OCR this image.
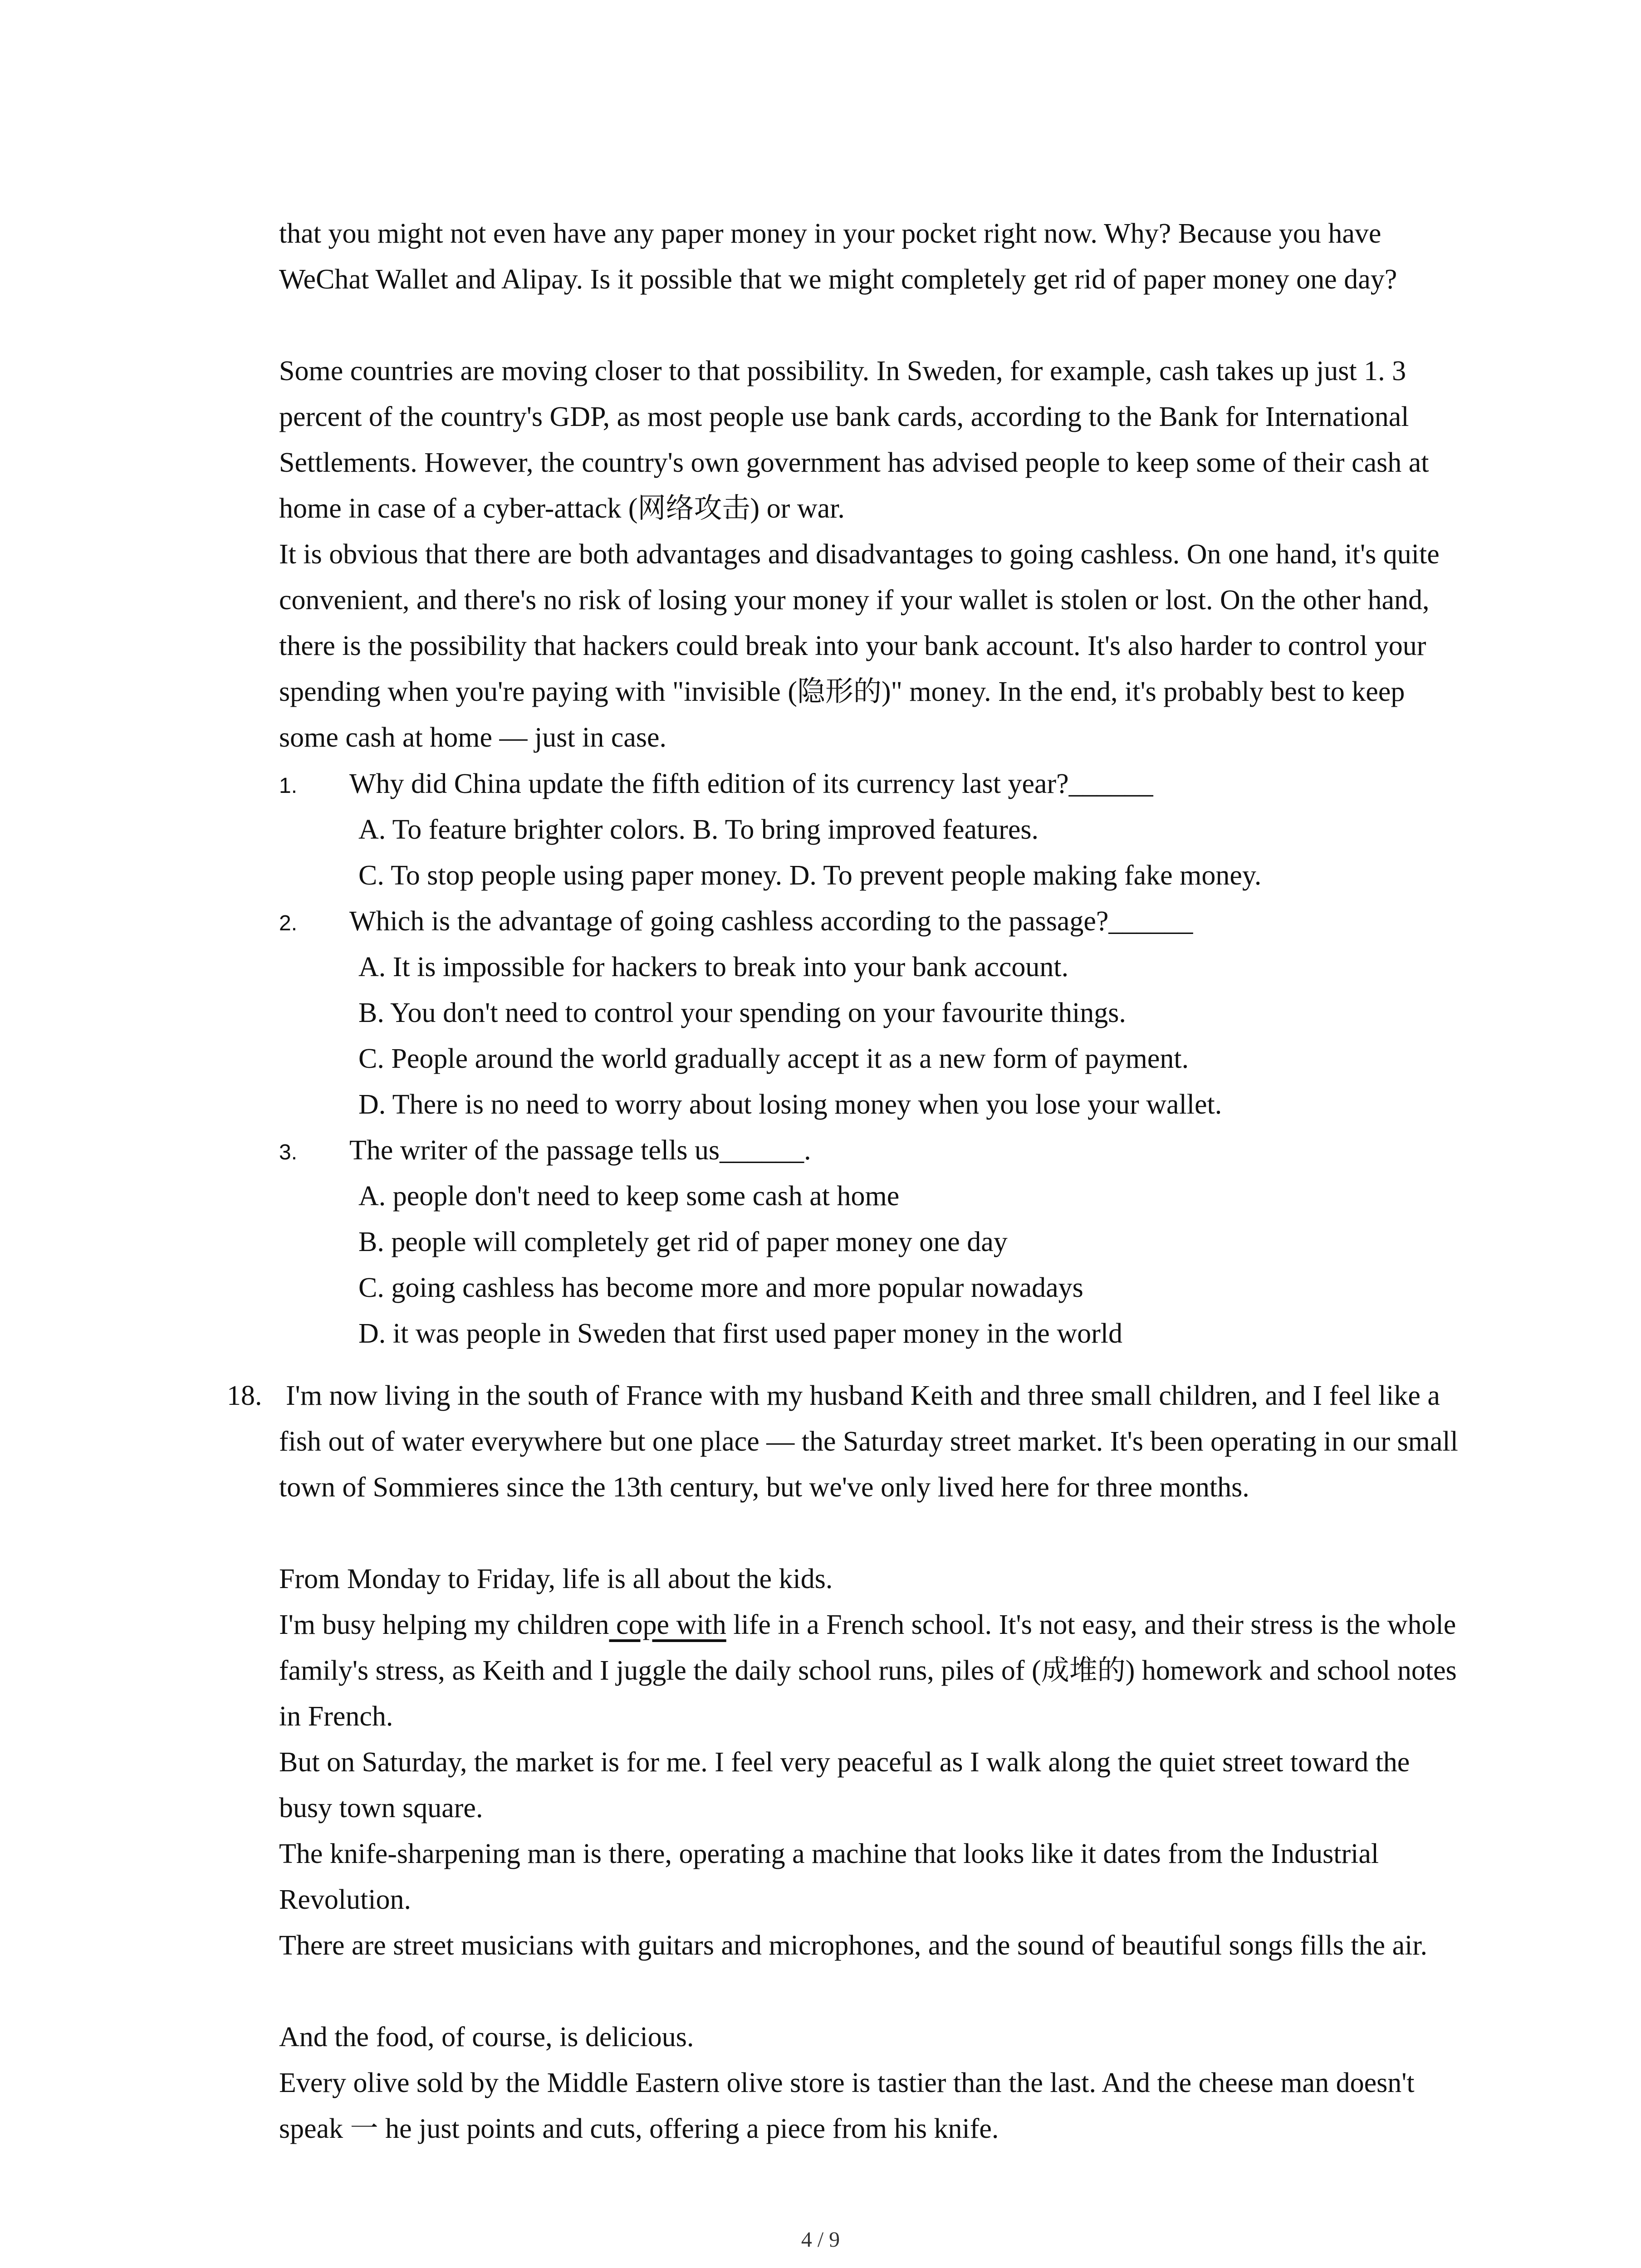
that you might not even have any paper money in your pocket right now. Why? Because you have WeChat Wallet and Alipay. Is it possible that we might completely get rid of paper money one day?
Some countries are moving closer to that possibility. In Sweden, for example, cash takes up just 1. 3 percent of the country's GDP, as most people use bank cards, according to the Bank for International Settlements. However, the country's own government has advised people to keep some of their cash at home in case of a cyber-attack (网络攻击) or war.
It is obvious that there are both advantages and disadvantages to going cashless. On one hand, it's quite convenient, and there's no risk of losing your money if your wallet is stolen or lost. On the other hand, there is the possibility that hackers could break into your bank account. It's also harder to control your spending when you're paying with "invisible (隐形的)" money. In the end, it's probably best to keep some cash at home — just in case.
1. Why did China update the fifth edition of its currency last year?______
A. To feature brighter colors. B. To bring improved features.
C. To stop people using paper money. D. To prevent people making fake money.
2. Which is the advantage of going cashless according to the passage?______
A. It is impossible for hackers to break into your bank account.
B. You don't need to control your spending on your favourite things.
C. People around the world gradually accept it as a new form of payment.
D. There is no need to worry about losing money when you lose your wallet.
3. The writer of the passage tells us______.
A. people don't need to keep some cash at home
B. people will completely get rid of paper money one day
C. going cashless has become more and more popular nowadays
D. it was people in Sweden that first used paper money in the world
18. I'm now living in the south of France with my husband Keith and three small children, and I feel like a fish out of water everywhere but one place — the Saturday street market. It's been operating in our small town of Sommieres since the 13th century, but we've only lived here for three months.
From Monday to Friday, life is all about the kids.
I'm busy helping my children cope with life in a French school. It's not easy, and their stress is the whole family's stress, as Keith and I juggle the daily school runs, piles of (成堆的) homework and school notes in French.
But on Saturday, the market is for me. I feel very peaceful as I walk along the quiet street toward the busy town square.
The knife-sharpening man is there, operating a machine that looks like it dates from the Industrial Revolution.
There are street musicians with guitars and microphones, and the sound of beautiful songs fills the air.
And the food, of course, is delicious.
Every olive sold by the Middle Eastern olive store is tastier than the last. And the cheese man doesn't speak 一 he just points and cuts, offering a piece from his knife.
4 / 9
